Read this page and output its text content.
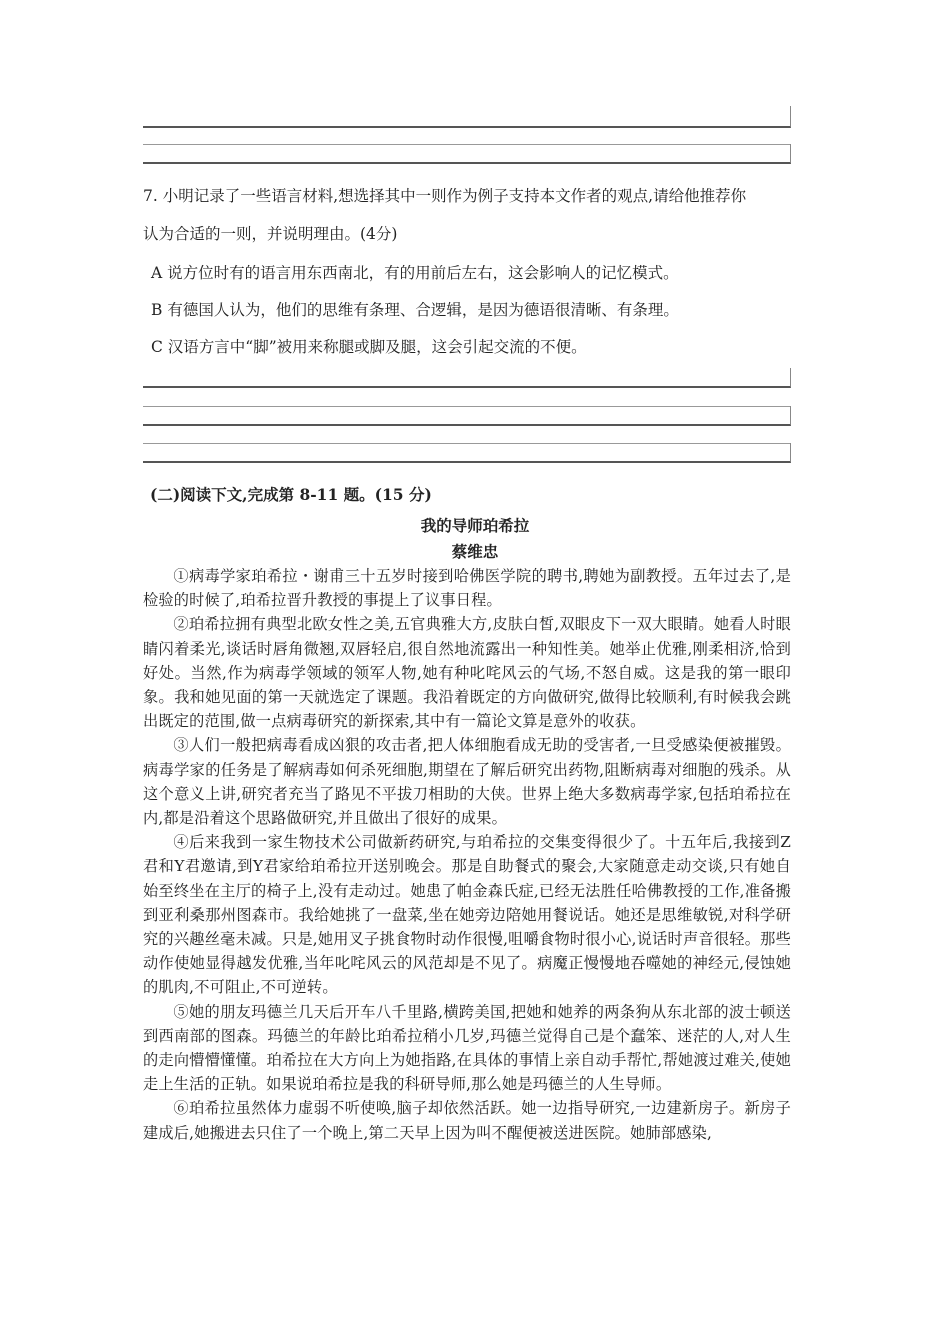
7. 小明记录了一些语言材料,想选择其中一则作为例子支持本文作者的观点,请给他推荐你
认为合适的一则，并说明理由。(4分)
A 说方位时有的语言用东西南北，有的用前后左右，这会影响人的记忆模式。
B 有德国人认为，他们的思维有条理、合逻辑，是因为德语很清晰、有条理。
C 汉语方言中“脚”被用来称腿或脚及腿，这会引起交流的不便。
(二)阅读下文,完成第 8-11 题。(15 分)
我的导师珀希拉
蔡维忠

①病毒学家珀希拉・谢甫三十五岁时接到哈佛医学院的聘书,聘她为副教授。五年过去了,是检验的时候了,珀希拉晋升教授的事提上了议事日程。

②珀希拉拥有典型北欧女性之美,五官典雅大方,皮肤白皙,双眼皮下一双大眼睛。她看人时眼睛闪着柔光,谈话时唇角微翘,双唇轻启,很自然地流露出一种知性美。她举止优雅,刚柔相济,恰到好处。当然,作为病毒学领域的领军人物,她有种叱咤风云的气场,不怒自威。这是我的第一眼印象。我和她见面的第一天就选定了课题。我沿着既定的方向做研究,做得比较顺利,有时候我会跳出既定的范围,做一点病毒研究的新探索,其中有一篇论文算是意外的收获。

③人们一般把病毒看成凶狠的攻击者,把人体细胞看成无助的受害者,一旦受感染便被摧毁。病毒学家的任务是了解病毒如何杀死细胞,期望在了解后研究出药物,阻断病毒对细胞的残杀。从这个意义上讲,研究者充当了路见不平拔刀相助的大侠。世界上绝大多数病毒学家,包括珀希拉在内,都是沿着这个思路做研究,并且做出了很好的成果。

④后来我到一家生物技术公司做新药研究,与珀希拉的交集变得很少了。十五年后,我接到Z君和Y君邀请,到Y君家给珀希拉开送别晚会。那是自助餐式的聚会,大家随意走动交谈,只有她自始至终坐在主厅的椅子上,没有走动过。她患了帕金森氏症,已经无法胜任哈佛教授的工作,准备搬到亚利桑那州图森市。我给她挑了一盘菜,坐在她旁边陪她用餐说话。她还是思维敏锐,对科学研究的兴趣丝毫未减。只是,她用叉子挑食物时动作很慢,咀嚼食物时很小心,说话时声音很轻。那些动作使她显得越发优雅,当年叱咤风云的风范却是不见了。病魔正慢慢地吞噬她的神经元,侵蚀她的肌肉,不可阻止,不可逆转。

⑤她的朋友玛德兰几天后开车八千里路,横跨美国,把她和她养的两条狗从东北部的波士顿送到西南部的图森。玛德兰的年龄比珀希拉稍小几岁,玛德兰觉得自己是个蠢笨、迷茫的人,对人生的走向懵懵懂懂。珀希拉在大方向上为她指路,在具体的事情上亲自动手帮忙,帮她渡过难关,使她走上生活的正轨。如果说珀希拉是我的科研导师,那么她是玛德兰的人生导师。

⑥珀希拉虽然体力虚弱不听使唤,脑子却依然活跃。她一边指导研究,一边建新房子。新房子建成后,她搬进去只住了一个晚上,第二天早上因为叫不醒便被送进医院。她肺部感染,
